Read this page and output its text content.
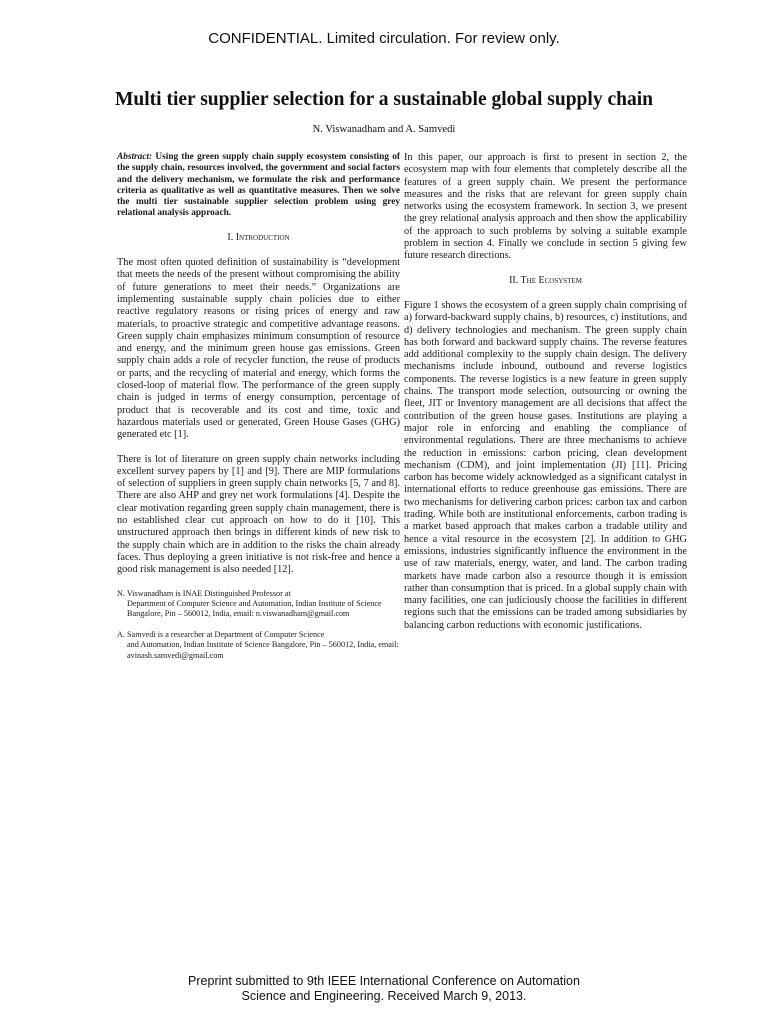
CONFIDENTIAL. Limited circulation. For review only.
Multi tier supplier selection for a sustainable global supply chain
N. Viswanadham and A. Samvedi

Abstract: Using the green supply chain supply ecosystem consisting of the supply chain, resources involved, the government and social factors and the delivery mechanism, we formulate the risk and performance criteria as qualitative as well as quantitative measures. Then we solve the multi tier sustainable supplier selection problem using grey relational analysis approach.

I. Introduction

The most often quoted definition of sustainability is “development that meets the needs of the present without compromising the ability of future generations to meet their needs.” Organizations are implementing sustainable supply chain policies due to either reactive regulatory reasons or rising prices of energy and raw materials, to proactive strategic and competitive advantage reasons. Green supply chain emphasizes minimum consumption of resource and energy, and the minimum green house gas emissions. Green supply chain adds a role of recycler function, the reuse of products or parts, and the recycling of material and energy, which forms the closed-loop of material flow. The performance of the green supply chain is judged in terms of energy consumption, percentage of product that is recoverable and its cost and time, toxic and hazardous materials used or generated, Green House Gases (GHG) generated etc [1].

There is lot of literature on green supply chain networks including excellent survey papers by [1] and [9]. There are MIP formulations of selection of suppliers in green supply chain networks [5, 7 and 8]. There are also AHP and grey net work formulations [4]. Despite the clear motivation regarding green supply chain management, there is no established clear cut approach on how to do it [10]. This unstructured approach then brings in different kinds of new risk to the supply chain which are in addition to the risks the chain already faces. Thus deploying a green initiative is not risk-free and hence a good risk management is also needed [12].

N. Viswanadham is INAE Distinguished Professor at
Department of Computer Science and Automation, Indian Institute of Science Bangalore, Pin – 560012, India, email: n.viswanadham@gmail.com
A. Samvedi is a researcher at Department of Computer Science
and Automation, Indian Institute of Science Bangalore, Pin – 560012, India, email: avinash.samvedi@gmail.com

In this paper, our approach is first to present in section 2, the ecosystem map with four elements that completely describe all the features of a green supply chain. We present the performance measures and the risks that are relevant for green supply chain networks using the ecosystem framework. In section 3, we present the grey relational analysis approach and then show the applicability of the approach to such problems by solving a suitable example problem in section 4. Finally we conclude in section 5 giving few future research directions.

II. The Ecosystem

Figure 1 shows the ecosystem of a green supply chain comprising of a) forward-backward supply chains, b) resources, c) institutions, and d) delivery technologies and mechanism. The green supply chain has both forward and backward supply chains. The reverse features add additional complexity to the supply chain design. The delivery mechanisms include inbound, outbound and reverse logistics components. The reverse logistics is a new feature in green supply chains. The transport mode selection, outsourcing or owning the fleet, JIT or Inventory management are all decisions that affect the contribution of the green house gases. Institutions are playing a major role in enforcing and enabling the compliance of environmental regulations. There are three mechanisms to achieve the reduction in emissions: carbon pricing, clean development mechanism (CDM), and joint implementation (JI) [11]. Pricing carbon has become widely acknowledged as a significant catalyst in international efforts to reduce greenhouse gas emissions. There are two mechanisms for delivering carbon prices: carbon tax and carbon trading. While both are institutional enforcements, carbon trading is a market based approach that makes carbon a tradable utility and hence a vital resource in the ecosystem [2]. In addition to GHG emissions, industries significantly influence the environment in the use of raw materials, energy, water, and land. The carbon trading markets have made carbon also a resource though it is emission rather than consumption that is priced. In a global supply chain with many facilities, one can judiciously choose the facilities in different regions such that the emissions can be traded among subsidiaries by balancing carbon reductions with economic justifications.

Preprint submitted to 9th IEEE International Conference on Automation
Science and Engineering. Received March 9, 2013.
